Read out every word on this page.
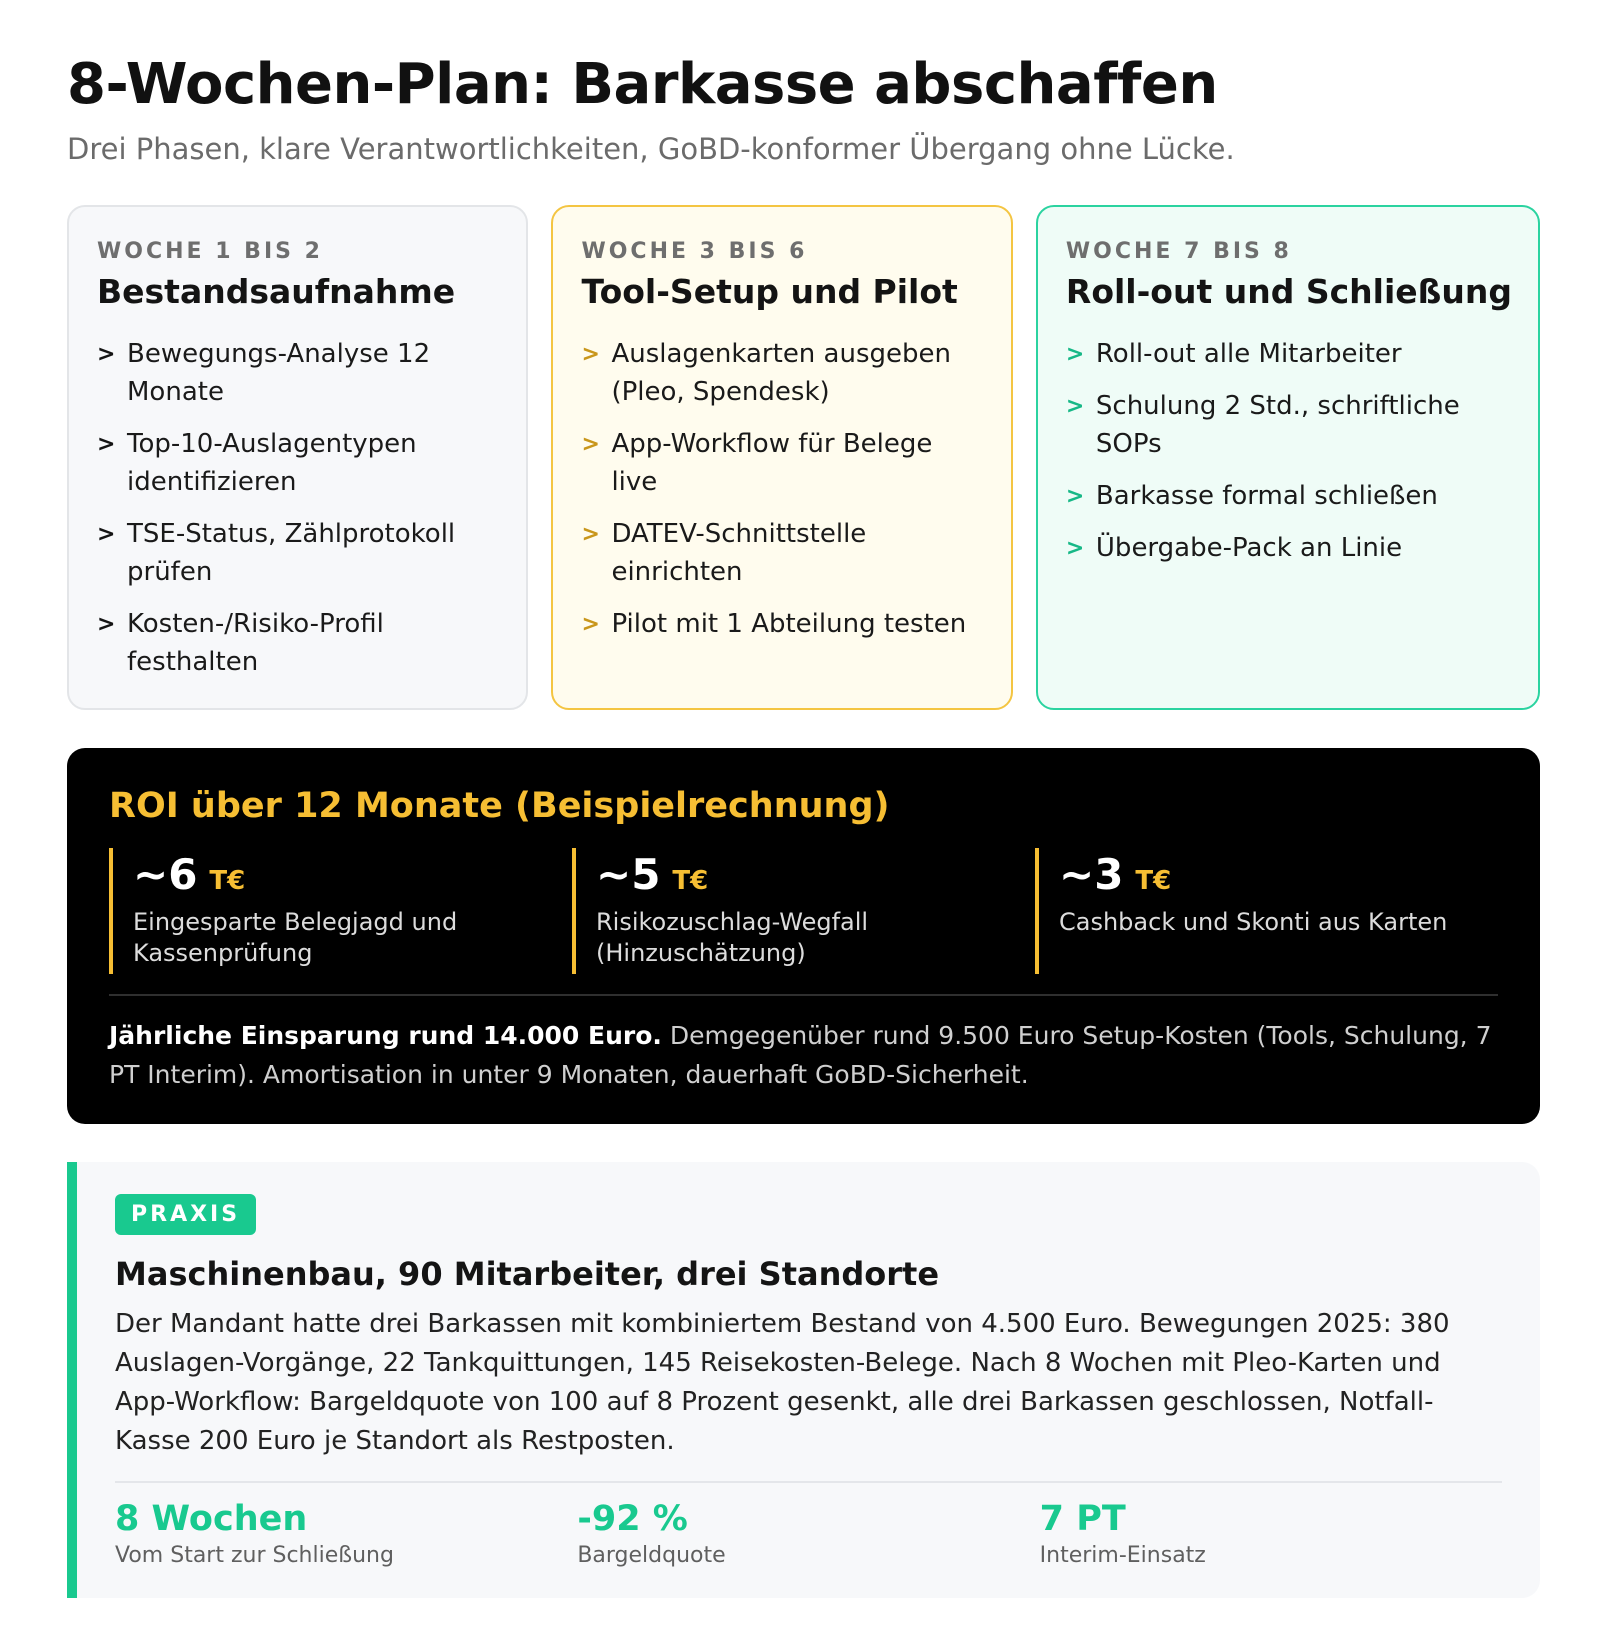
8-Wochen-Plan: Barkasse abschaffen

Drei Phasen, klare Verantwortlichkeiten, GoBD-konformer Übergang ohne Lücke.

WOCHE 1 BIS 2
Bestandsaufnahme
> Bewegungs-Analyse 12 Monate
> Top-10-Auslagentypen identifizieren
> TSE-Status, Zählprotokoll prüfen
> Kosten-/Risiko-Profil festhalten
WOCHE 3 BIS 6
Tool-Setup und Pilot
> Auslagenkarten ausgeben (Pleo, Spendesk)
> App-Workflow für Belege live
> DATEV-Schnittstelle einrichten
> Pilot mit 1 Abteilung testen
WOCHE 7 BIS 8
Roll-out und Schließung
> Roll-out alle Mitarbeiter
> Schulung 2 Std., schriftliche SOPs
> Barkasse formal schließen
> Übergabe-Pack an Linie
ROI über 12 Monate (Beispielrechnung)
~6 T€
Eingesparte Belegjagd und Kassenprüfung
~5 T€
Risikozuschlag-Wegfall (Hinzuschätzung)
~3 T€
Cashback und Skonti aus Karten

Jährliche Einsparung rund 14.000 Euro. Demgegenüber rund 9.500 Euro Setup-Kosten (Tools, Schulung, 7 PT Interim). Amortisation in unter 9 Monaten, dauerhaft GoBD-Sicherheit.

PRAXIS
Maschinenbau, 90 Mitarbeiter, drei Standorte

Der Mandant hatte drei Barkassen mit kombiniertem Bestand von 4.500 Euro. Bewegungen 2025: 380 Auslagen-Vorgänge, 22 Tankquittungen, 145 Reisekosten-Belege. Nach 8 Wochen mit Pleo-Karten und App-Workflow: Bargeldquote von 100 auf 8 Prozent gesenkt, alle drei Barkassen geschlossen, Notfall-Kasse 200 Euro je Standort als Restposten.

8 Wochen
Vom Start zur Schließung
-92 %
Bargeldquote
7 PT
Interim-Einsatz
